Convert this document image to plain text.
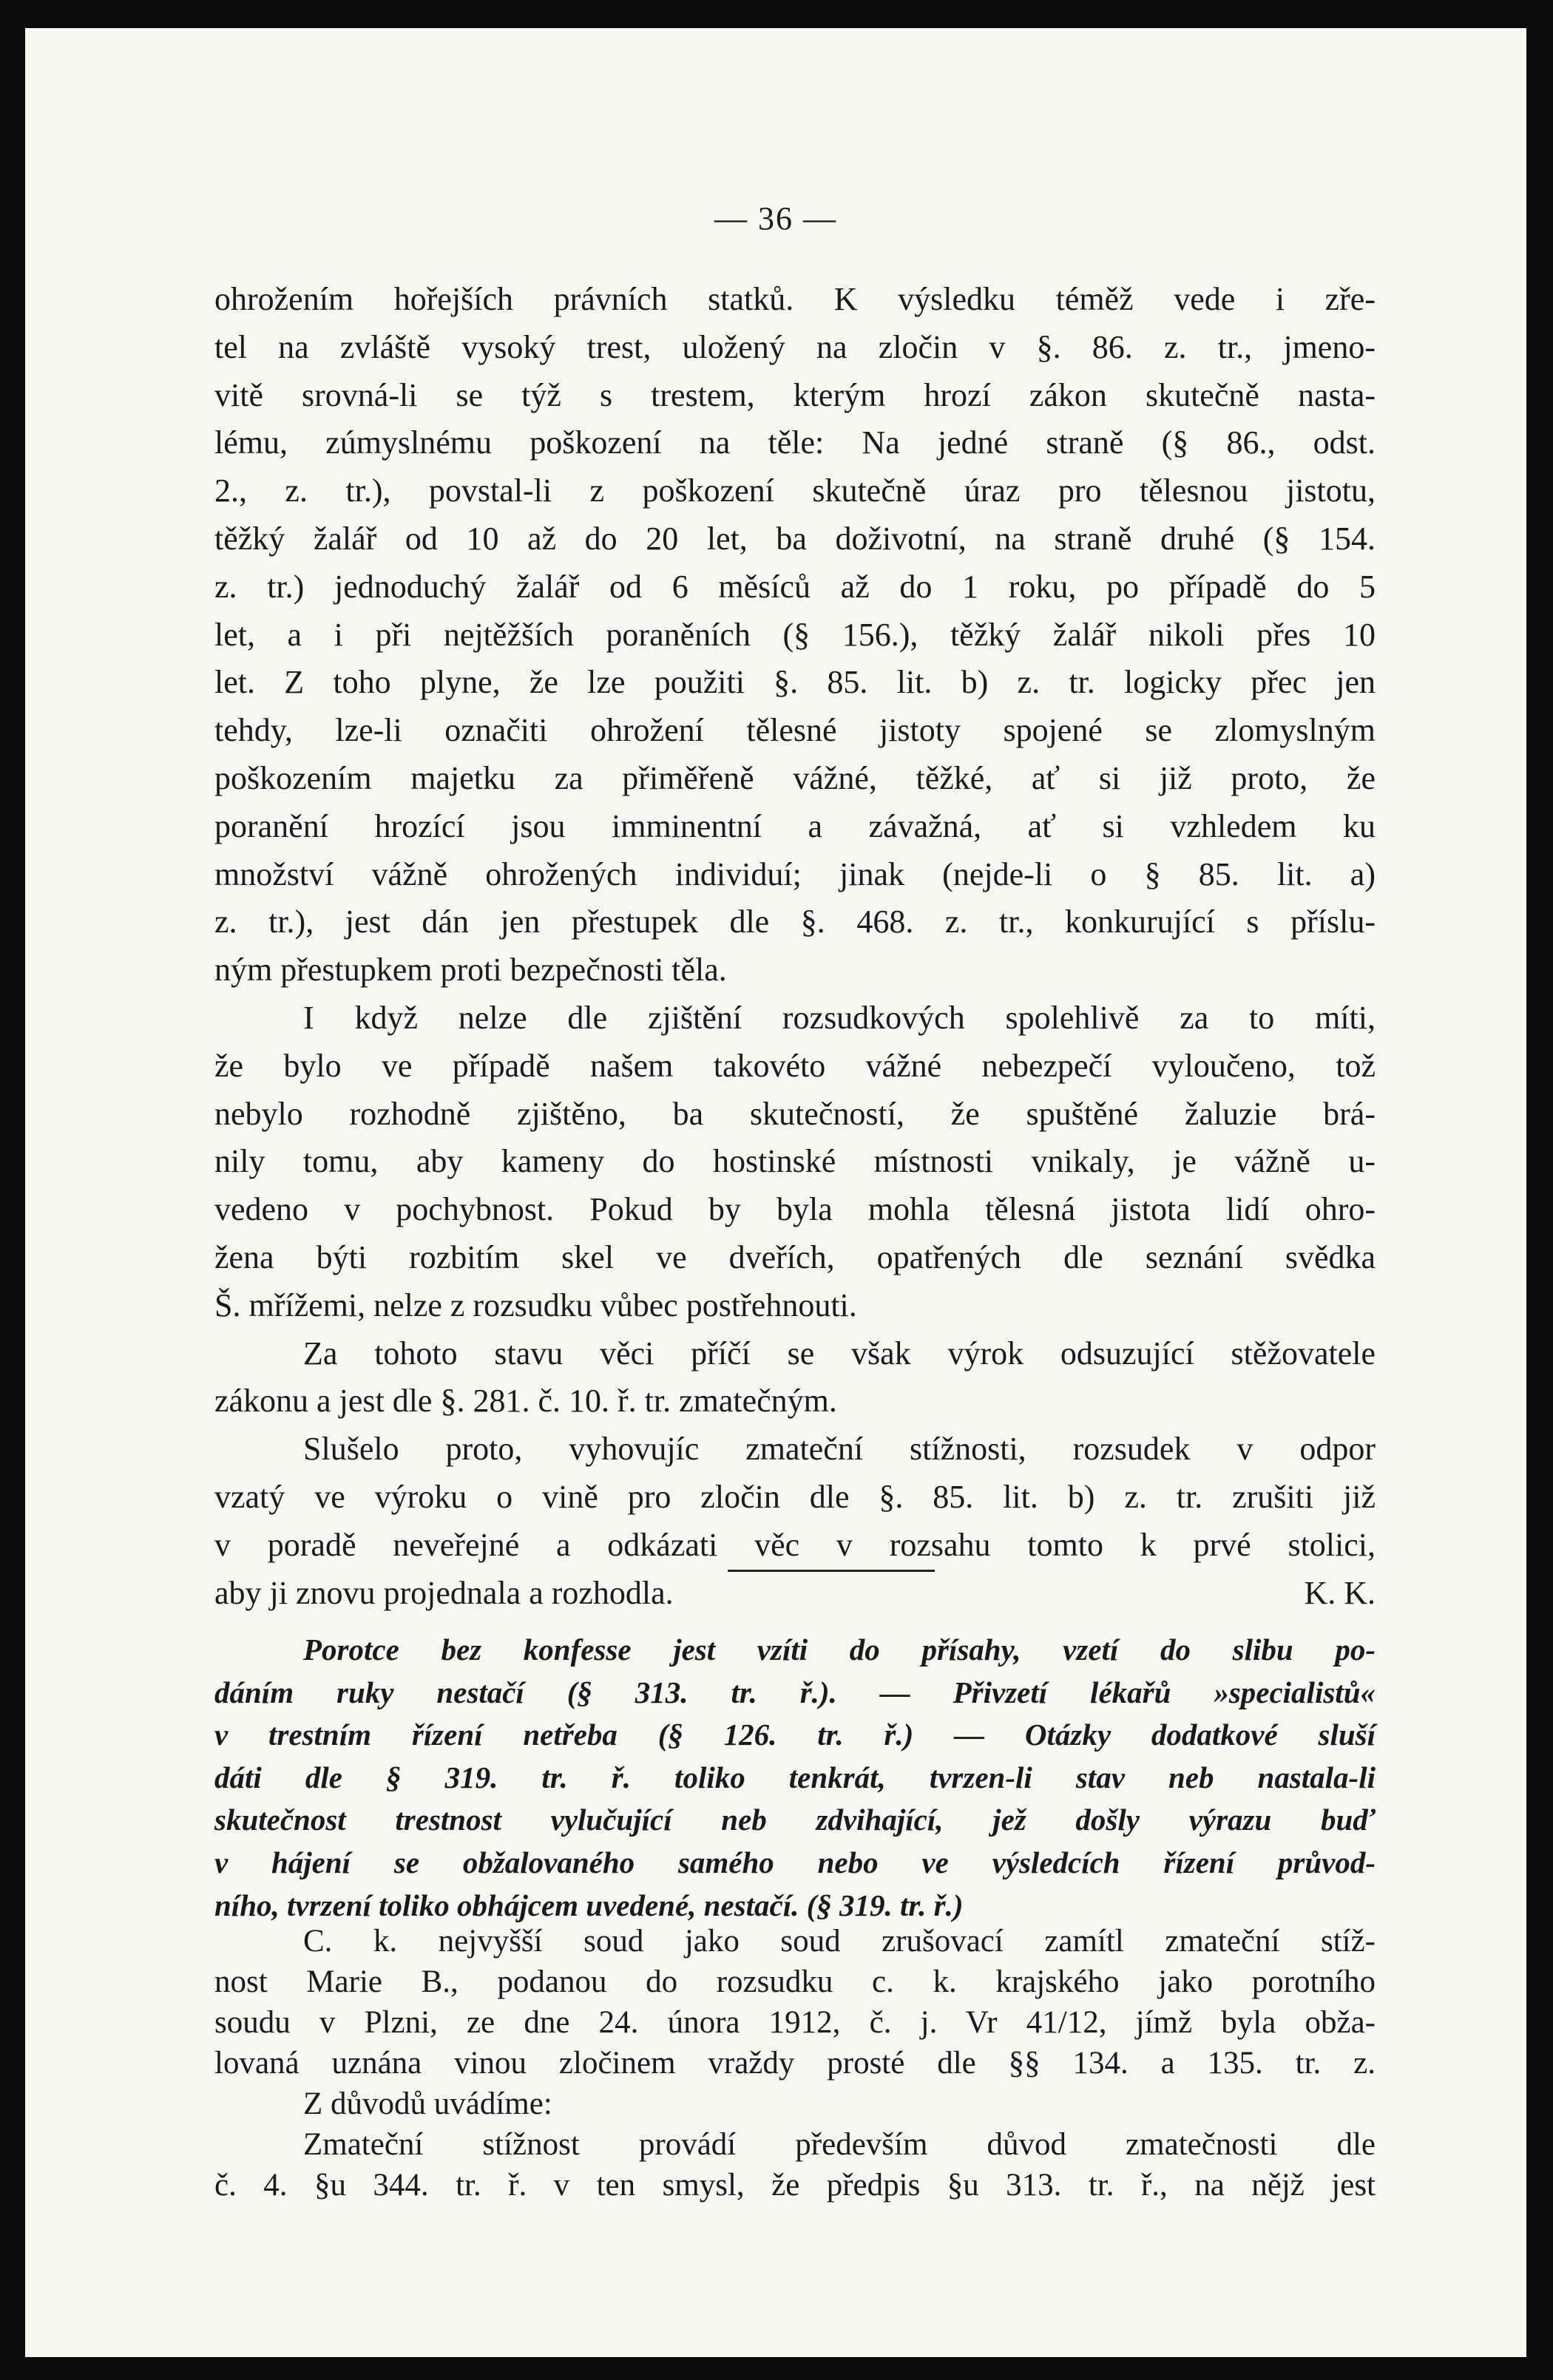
— 36 —
ohrožením hořejších právních statků. K výsledku téměž vede i zře-
tel na zvláště vysoký trest, uložený na zločin v §. 86. z. tr., jmeno-
vitě srovná-li se týž s trestem, kterým hrozí zákon skutečně nasta-
lému, zúmyslnému poškození na těle: Na jedné straně (§ 86., odst.
2., z. tr.), povstal-li z poškození skutečně úraz pro tělesnou jistotu,
těžký žalář od 10 až do 20 let, ba doživotní, na straně druhé (§ 154.
z. tr.) jednoduchý žalář od 6 měsíců až do 1 roku, po případě do 5
let, a i při nejtěžších poraněních (§ 156.), těžký žalář nikoli přes 10
let. Z toho plyne, že lze použiti §. 85. lit. b) z. tr. logicky přec jen
tehdy, lze-li označiti ohrožení tělesné jistoty spojené se zlomyslným
poškozením majetku za přiměřeně vážné, těžké, ať si již proto, že
poranění hrozící jsou imminentní a závažná, ať si vzhledem ku
množství vážně ohrožených individuí; jinak (nejde-li o § 85. lit. a)
z. tr.), jest dán jen přestupek dle §. 468. z. tr., konkurující s příslu-
ným přestupkem proti bezpečnosti těla.
I když nelze dle zjištění rozsudkových spolehlivě za to míti,
že bylo ve případě našem takovéto vážné nebezpečí vyloučeno, tož
nebylo rozhodně zjištěno, ba skutečností, že spuštěné žaluzie brá-
nily tomu, aby kameny do hostinské místnosti vnikaly, je vážně u-
vedeno v pochybnost. Pokud by byla mohla tělesná jistota lidí ohro-
žena býti rozbitím skel ve dveřích, opatřených dle seznání svědka
Š. mřížemi, nelze z rozsudku vůbec postřehnouti.
Za tohoto stavu věci příčí se však výrok odsuzující stěžovatele
zákonu a jest dle §. 281. č. 10. ř. tr. zmatečným.
Slušelo proto, vyhovujíc zmateční stížnosti, rozsudek v odpor
vzatý ve výroku o vině pro zločin dle §. 85. lit. b) z. tr. zrušiti již
v poradě neveřejné a odkázati věc v rozsahu tomto k prvé stolici,
aby ji znovu projednala a rozhodla.	K. K.
Porotce bez konfesse jest vzíti do přísahy, vzetí do slibu po-
dáním ruky nestačí (§ 313. tr. ř.). — Přivzetí lékařů »specialistů«
v trestním řízení netřeba (§ 126. tr. ř.) — Otázky dodatkové sluší
dáti dle § 319. tr. ř. toliko tenkrát, tvrzen-li stav neb nastala-li
skutečnost trestnost vylučující neb zdvihající, jež došly výrazu buď
v hájení se obžalovaného samého nebo ve výsledcích řízení průvod-
ního, tvrzení toliko obhájcem uvedené, nestačí. (§ 319. tr. ř.)
C. k. nejvyšší soud jako soud zrušovací zamítl zmateční stíž-
nost Marie B., podanou do rozsudku c. k. krajského jako porotního
soudu v Plzni, ze dne 24. února 1912, č. j. Vr 41/12, jímž byla obža-
lovaná uznána vinou zločinem vraždy prosté dle §§ 134. a 135. tr. z.
Z důvodů uvádíme:
Zmateční stížnost provádí především důvod zmatečnosti dle
č. 4. §u 344. tr. ř. v ten smysl, že předpis §u 313. tr. ř., na nějž jest
